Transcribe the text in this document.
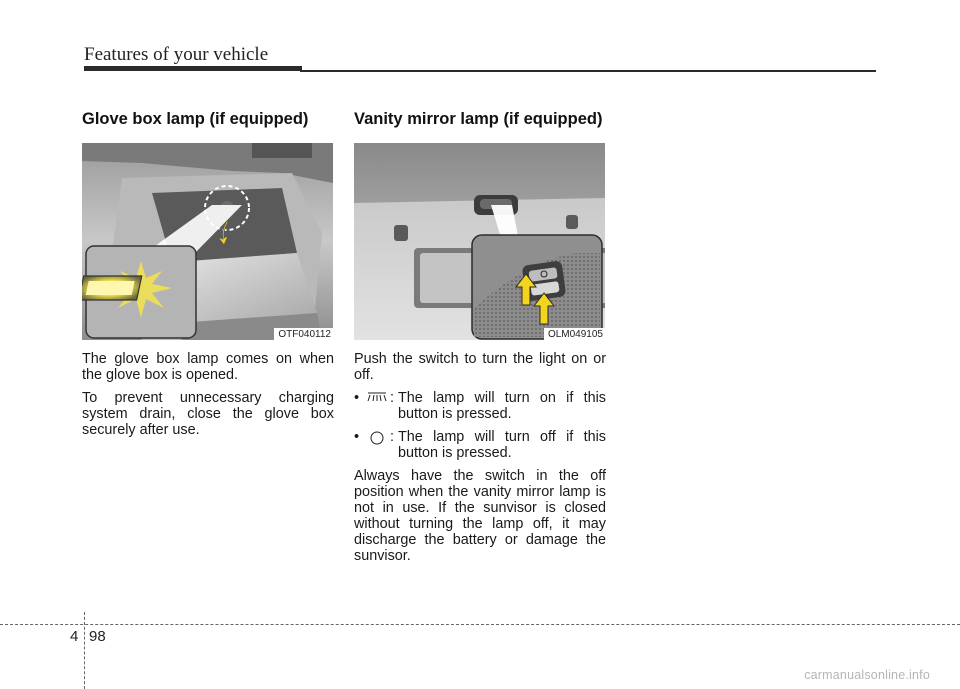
Features of your vehicle
Glove box lamp (if equipped)
OTF040112

The glove box lamp comes on when the glove box is opened.

To prevent unnecessary charging system drain, close the glove box securely after use.

Vanity mirror lamp (if equipped)
OLM049105

Push the switch to turn the light on or off.

•	: The lamp will turn on if this button is pressed.
•	: The lamp will turn off if this button is pressed.

Always have the switch in the off position when the vanity mirror lamp is not in use. If the sunvisor is closed without turning the lamp off, it may discharge the battery or damage the sunvisor.

4 98
carmanualsonline.info
